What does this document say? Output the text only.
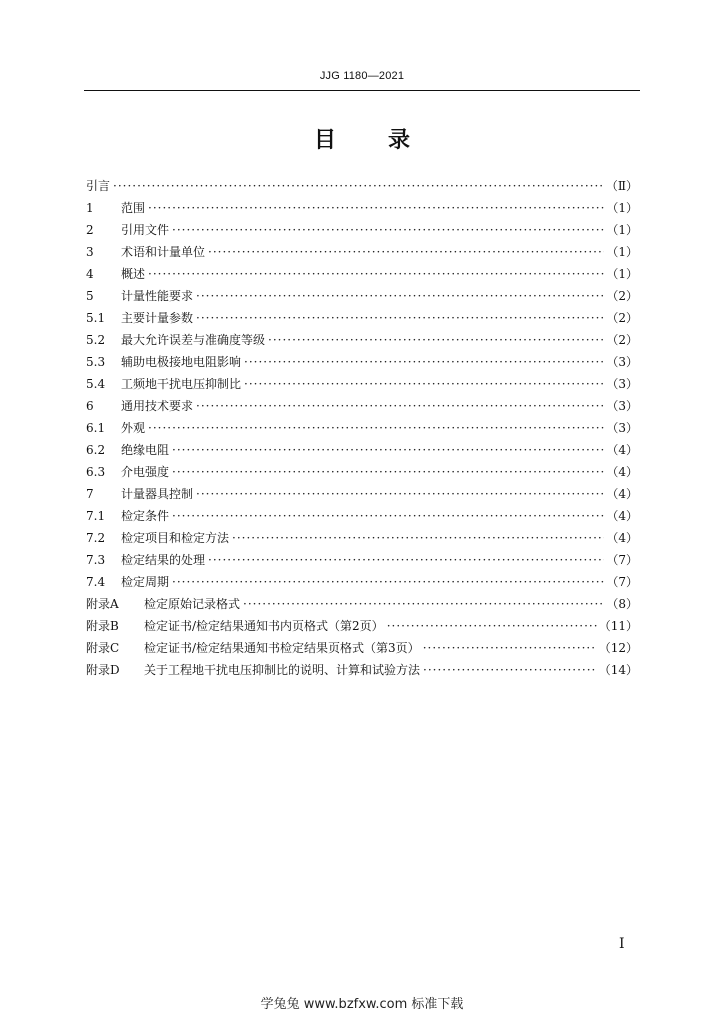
JJG 1180—2021
目 录
引言 ·····	（Ⅱ）
1	范围 ·····	（1）
2	引用文件 ·····	（1）
3	术语和计量单位 ·····	（1）
4	概述 ·····	（1）
5	计量性能要求 ·····	（2）
5.1	主要计量参数 ·····	（2）
5.2	最大允许误差与准确度等级 ·····	（2）
5.3	辅助电极接地电阻影响 ·····	（3）
5.4	工频地干扰电压抑制比 ·····	（3）
6	通用技术要求 ·····	（3）
6.1	外观 ·····	（3）
6.2	绝缘电阻 ·····	（4）
6.3	介电强度 ·····	（4）
7	计量器具控制 ·····	（4）
7.1	检定条件 ·····	（4）
7.2	检定项目和检定方法 ·····	（4）
7.3	检定结果的处理 ·····	（7）
7.4	检定周期 ·····	（7）
附录A	检定原始记录格式 ·····	（8）
附录B	检定证书/检定结果通知书内页格式（第2页） ·····	（11）
附录C	检定证书/检定结果通知书检定结果页格式（第3页） ·····	（12）
附录D	关于工程地干扰电压抑制比的说明、计算和试验方法 ·····	（14）
Ⅰ
学兔兔 www.bzfxw.com 标准下载
